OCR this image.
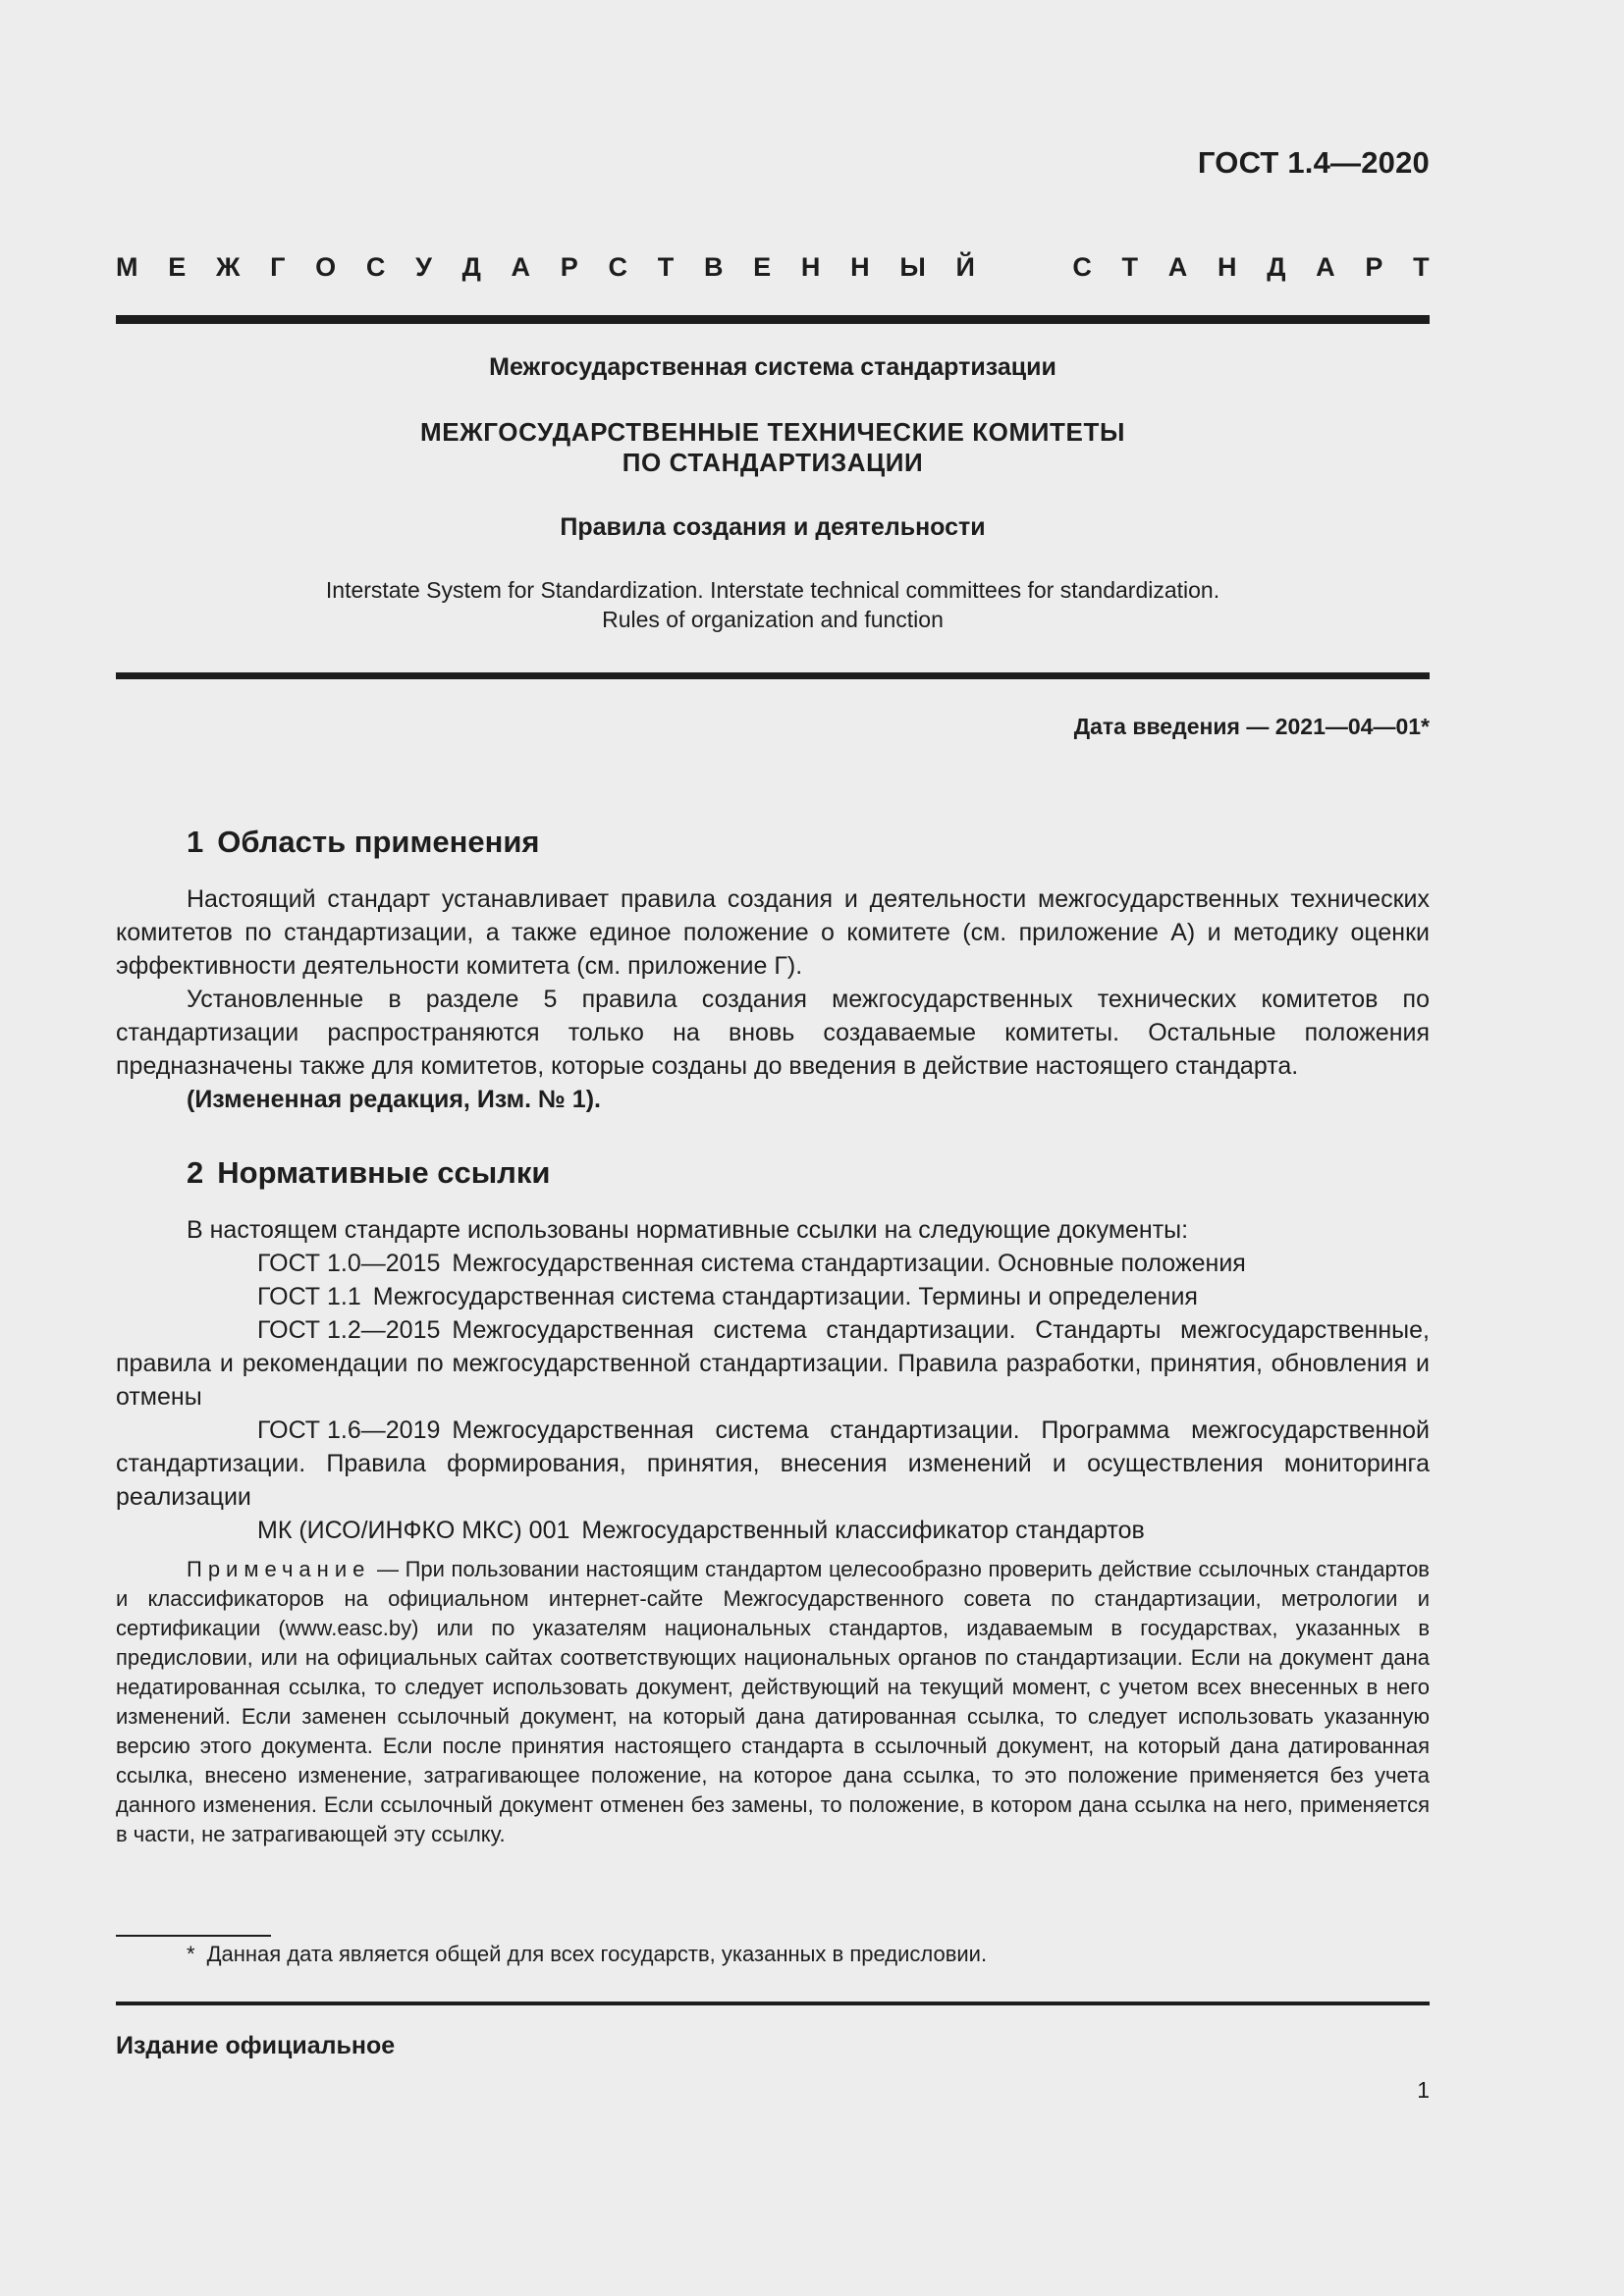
ГОСТ 1.4—2020
М Е Ж Г О С У Д А Р С Т В Е Н Н Ы Й	С Т А Н Д А Р Т
Межгосударственная система стандартизации
МЕЖГОСУДАРСТВЕННЫЕ ТЕХНИЧЕСКИЕ КОМИТЕТЫ
ПО СТАНДАРТИЗАЦИИ
Правила создания и деятельности
Interstate System for Standardization. Interstate technical committees for standardization.
Rules of organization and function
Дата введения — 2021—04—01*
1 Область применения

Настоящий стандарт устанавливает правила создания и деятельности межгосударственных технических комитетов по стандартизации, а также единое положение о комитете (см. приложение А) и методику оценки эффективности деятельности комитета (см. приложение Г).

Установленные в разделе 5 правила создания межгосударственных технических комитетов по стандартизации распространяются только на вновь создаваемые комитеты. Остальные положения предназначены также для комитетов, которые созданы до введения в действие настоящего стандарта.

(Измененная редакция, Изм. № 1).

2 Нормативные ссылки

В настоящем стандарте использованы нормативные ссылки на следующие документы:

ГОСТ 1.0—2015 Межгосударственная система стандартизации. Основные положения

ГОСТ 1.1 Межгосударственная система стандартизации. Термины и определения

ГОСТ 1.2—2015 Межгосударственная система стандартизации. Стандарты межгосударственные, правила и рекомендации по межгосударственной стандартизации. Правила разработки, принятия, обновления и отмены

ГОСТ 1.6—2019 Межгосударственная система стандартизации. Программа межгосударственной стандартизации. Правила формирования, принятия, внесения изменений и осуществления мониторинга реализации

МК (ИСО/ИНФКО МКС) 001 Межгосударственный классификатор стандартов

Примечание — При пользовании настоящим стандартом целесообразно проверить действие ссылочных стандартов и классификаторов на официальном интернет-сайте Межгосударственного совета по стандартизации, метрологии и сертификации (www.easc.by) или по указателям национальных стандартов, издаваемым в государствах, указанных в предисловии, или на официальных сайтах соответствующих национальных органов по стандартизации. Если на документ дана недатированная ссылка, то следует использовать документ, действующий на текущий момент, с учетом всех внесенных в него изменений. Если заменен ссылочный документ, на который дана датированная ссылка, то следует использовать указанную версию этого документа. Если после принятия настоящего стандарта в ссылочный документ, на который дана датированная ссылка, внесено изменение, затрагивающее положение, на которое дана ссылка, то это положение применяется без учета данного изменения. Если ссылочный документ отменен без замены, то положение, в котором дана ссылка на него, применяется в части, не затрагивающей эту ссылку.

* Данная дата является общей для всех государств, указанных в предисловии.
Издание официальное
1
